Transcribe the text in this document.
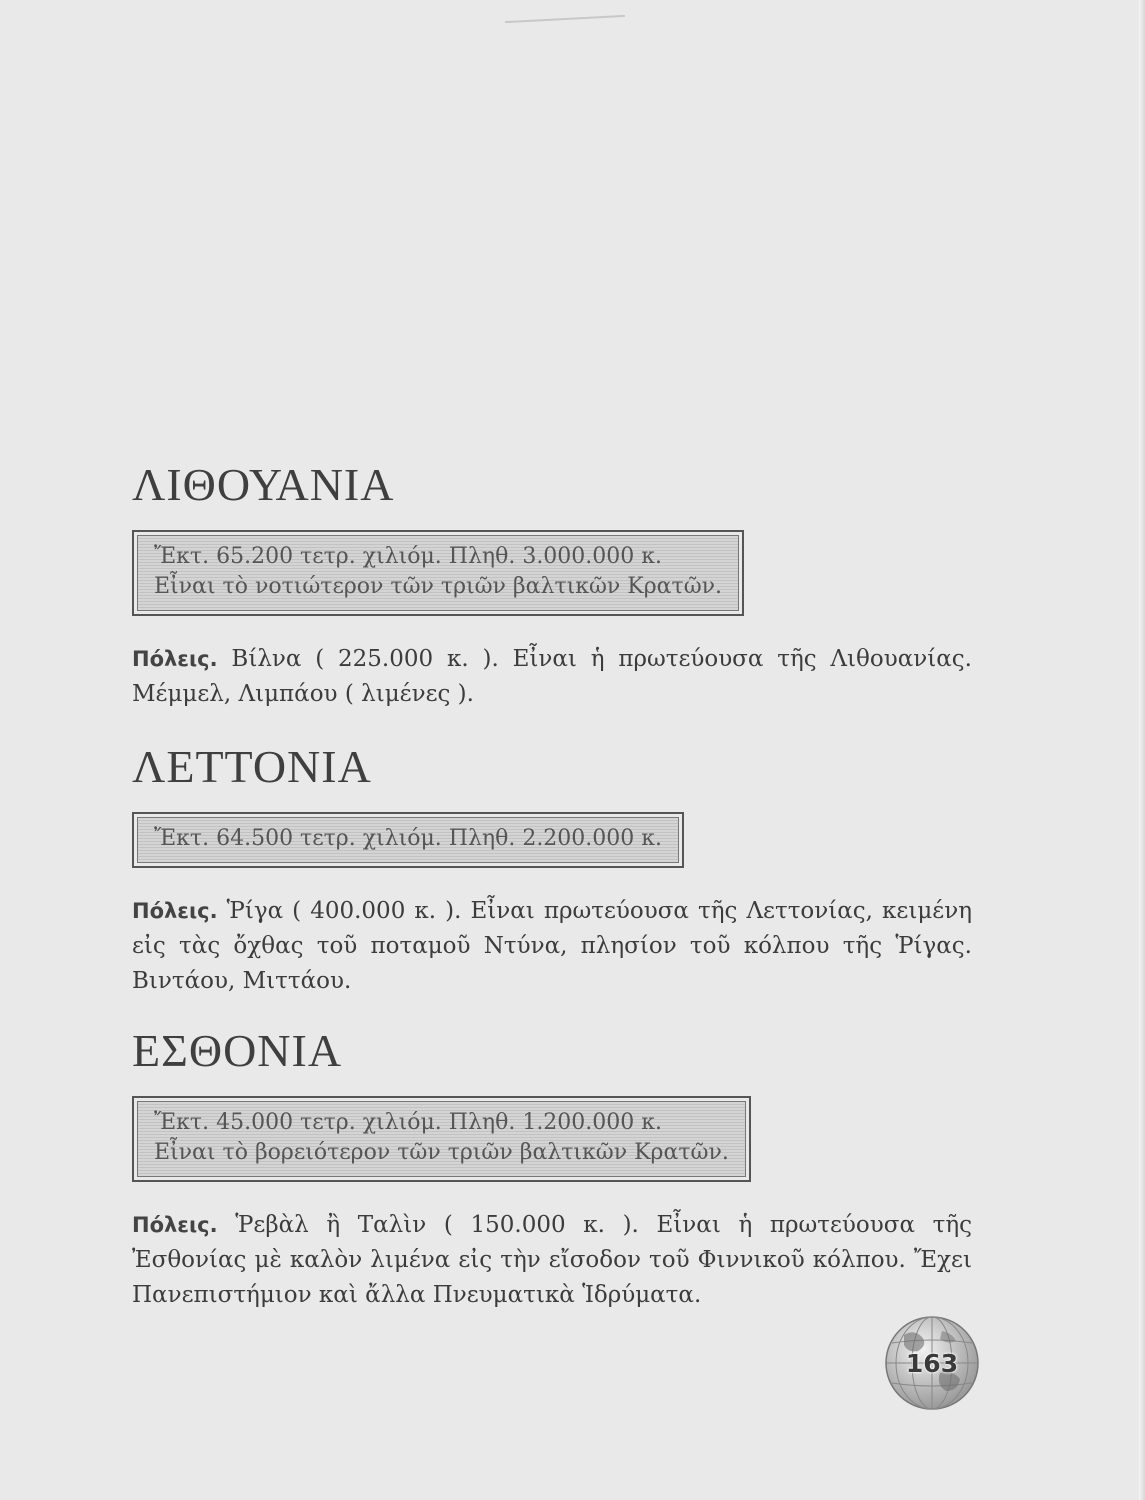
ΛΙΘΟΥΑΝΙΑ
Ἔκτ. 65.200 τετρ. χιλιόμ. Πληθ. 3.000.000 κ.
Εἶναι τὸ νοτιώτερον τῶν τριῶν βαλτικῶν Κρατῶν.

Πόλεις. Βίλνα ( 225.000 κ. ). Εἶναι ἡ πρωτεύουσα τῆς Λιθουανίας. Μέμμελ, Λιμπάου ( λιμένες ).

ΛΕΤΤΟΝΙΑ
Ἔκτ. 64.500 τετρ. χιλιόμ. Πληθ. 2.200.000 κ.

Πόλεις. Ῥίγα ( 400.000 κ. ). Εἶναι πρωτεύουσα τῆς Λεττονίας, κειμένη εἰς τὰς ὄχθας τοῦ ποταμοῦ Ντύνα, πλησίον τοῦ κόλπου τῆς Ῥίγας. Βιντάου, Μιττάου.

ΕΣΘΟΝΙΑ
Ἔκτ. 45.000 τετρ. χιλιόμ. Πληθ. 1.200.000 κ.
Εἶναι τὸ βορειότερον τῶν τριῶν βαλτικῶν Κρατῶν.

Πόλεις. Ῥεβὰλ ἢ Ταλὶν ( 150.000 κ. ). Εἶναι ἡ πρωτεύουσα τῆς Ἐσθονίας μὲ καλὸν λιμένα εἰς τὴν εἴσοδον τοῦ Φιννικοῦ κόλπου. Ἔχει Πανεπιστήμιον καὶ ἄλλα Πνευματικὰ Ἱδρύματα.

163
